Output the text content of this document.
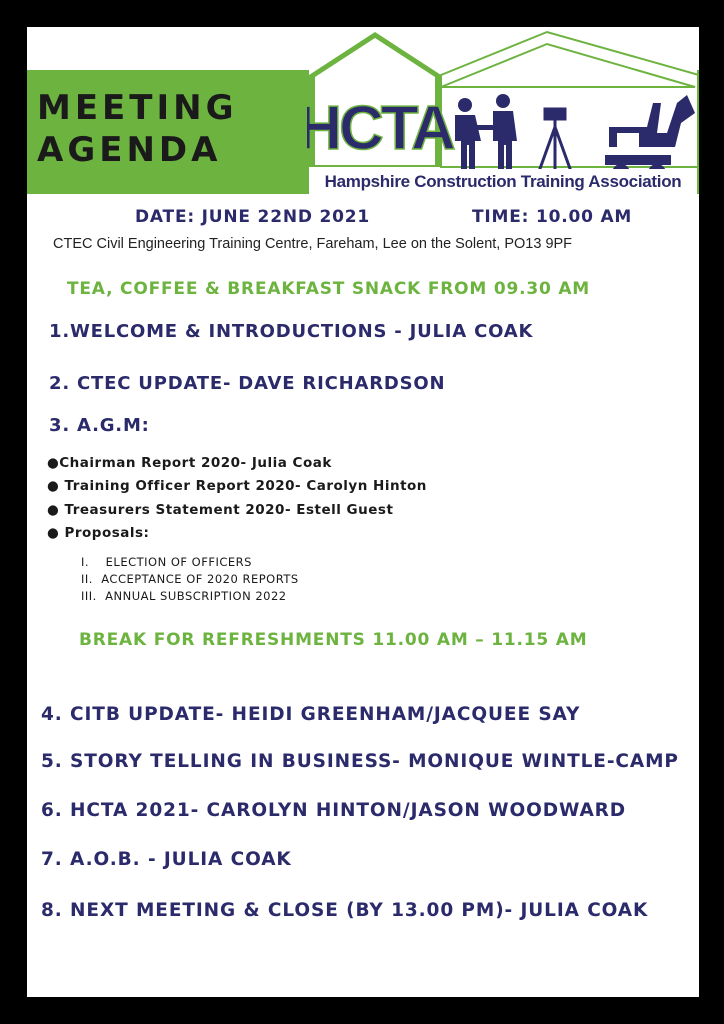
MEETING
AGENDA HCTA
Hampshire Construction Training Association
DATE: JUNE 22ND 2021	TIME: 10.00 AM
CTEC Civil Engineering Training Centre, Fareham, Lee on the Solent, PO13 9PF
TEA, COFFEE & BREAKFAST SNACK FROM 09.30 AM
1.WELCOME & INTRODUCTIONS - JULIA COAK
2. CTEC UPDATE- DAVE RICHARDSON
3. A.G.M:
●Chairman Report 2020- Julia Coak
● Training Officer Report 2020- Carolyn Hinton
● Treasurers Statement 2020- Estell Guest
● Proposals:
I.    ELECTION OF OFFICERS
II.  ACCEPTANCE OF 2020 REPORTS
III.  ANNUAL SUBSCRIPTION 2022
BREAK FOR REFRESHMENTS 11.00 AM – 11.15 AM
4. CITB UPDATE- HEIDI GREENHAM/JACQUEE SAY
5. STORY TELLING IN BUSINESS- MONIQUE WINTLE-CAMP
6. HCTA 2021- CAROLYN HINTON/JASON WOODWARD
7. A.O.B. - JULIA COAK
8. NEXT MEETING & CLOSE (BY 13.00 PM)- JULIA COAK
